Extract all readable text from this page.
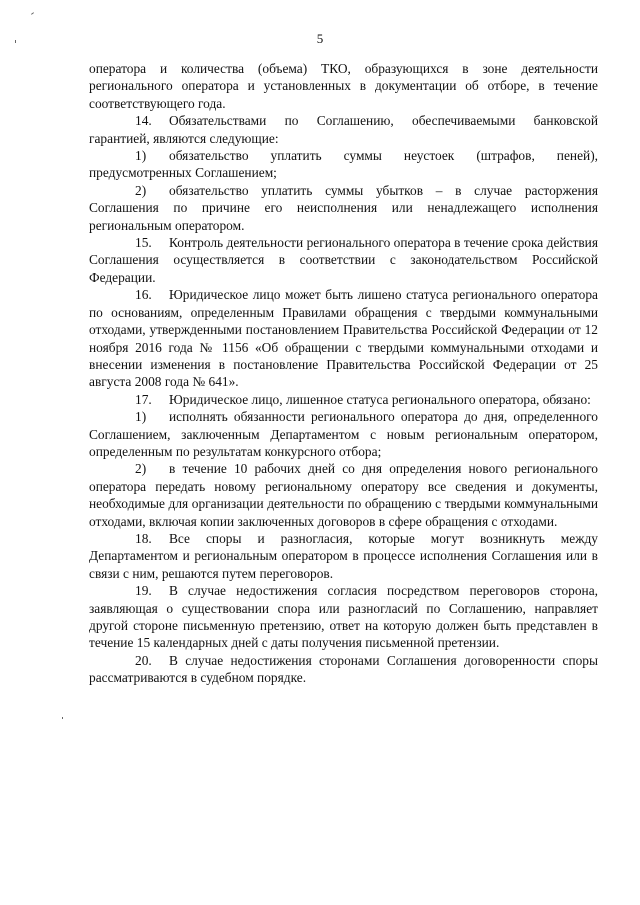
5

оператора и количества (объема) ТКО, образующихся в зоне деятельности регионального оператора и установленных в документации об отборе, в течение соответствующего года.

14. Обязательствами по Соглашению, обеспечиваемыми банковской гарантией, являются следующие:

1) обязательство уплатить суммы неустоек (штрафов, пеней), предусмотренных Соглашением;

2) обязательство уплатить суммы убытков – в случае расторжения Соглашения по причине его неисполнения или ненадлежащего исполнения региональным оператором.

15. Контроль деятельности регионального оператора в течение срока действия Соглашения осуществляется в соответствии с законодательством Российской Федерации.

16. Юридическое лицо может быть лишено статуса регионального оператора по основаниям, определенным Правилами обращения с твердыми коммунальными отходами, утвержденными постановлением Правительства Российской Федерации от 12 ноября 2016 года № 1156 «Об обращении с твердыми коммунальными отходами и внесении изменения в постановление Правительства Российской Федерации от 25 августа 2008 года № 641».

17. Юридическое лицо, лишенное статуса регионального оператора, обязано:

1) исполнять обязанности регионального оператора до дня, определенного Соглашением, заключенным Департаментом с новым региональным оператором, определенным по результатам конкурсного отбора;

2) в течение 10 рабочих дней со дня определения нового регионального оператора передать новому региональному оператору все сведения и документы, необходимые для организации деятельности по обращению с твердыми коммунальными отходами, включая копии заключенных договоров в сфере обращения с отходами.

18. Все споры и разногласия, которые могут возникнуть между Департаментом и региональным оператором в процессе исполнения Соглашения или в связи с ним, решаются путем переговоров.

19. В случае недостижения согласия посредством переговоров сторона, заявляющая о существовании спора или разногласий по Соглашению, направляет другой стороне письменную претензию, ответ на которую должен быть представлен в течение 15 календарных дней с даты получения письменной претензии.

20. В случае недостижения сторонами Соглашения договоренности споры рассматриваются в судебном порядке.
